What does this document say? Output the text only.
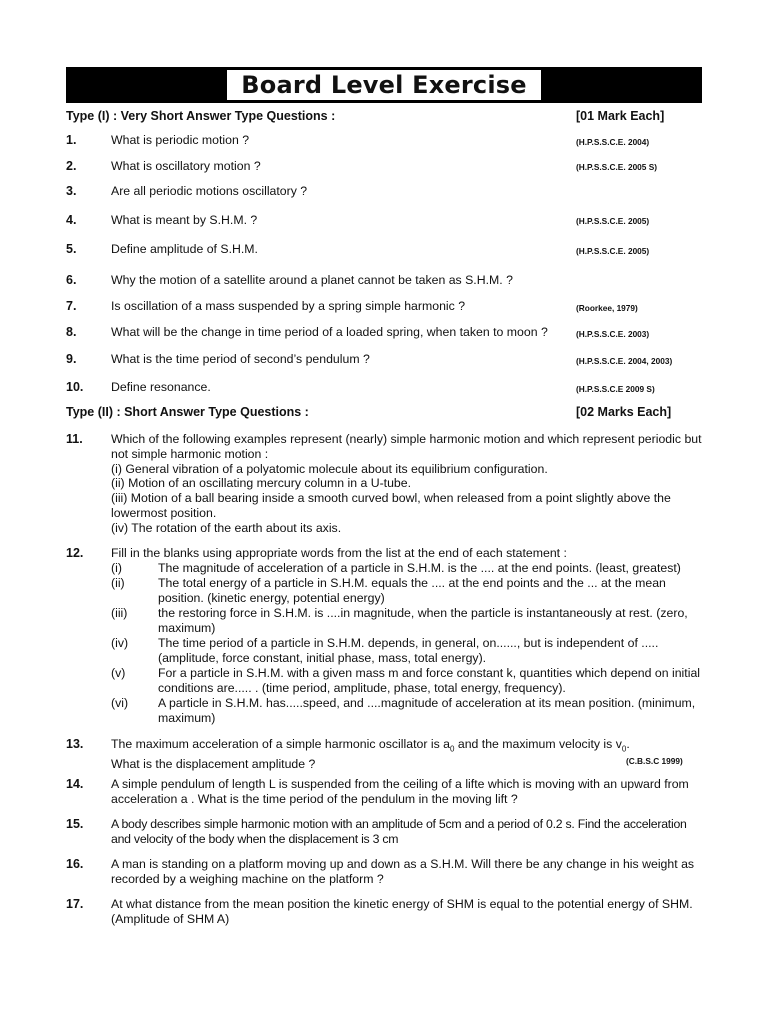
Board Level Exercise
Type (I) : Very Short Answer Type Questions :	[01 Mark Each]
1.	What is periodic motion ?	(H.P.S.S.C.E. 2004)
2.	What is oscillatory motion ?	(H.P.S.S.C.E. 2005 S)
3.	Are all periodic motions oscillatory ?
4.	What is meant by S.H.M. ?	(H.P.S.S.C.E. 2005)
5.	Define amplitude of S.H.M.	(H.P.S.S.C.E. 2005)
6.	Why the motion of a satellite around a planet cannot be taken as S.H.M. ?
7.	Is oscillation of a mass suspended by a spring simple harmonic ?	(Roorkee, 1979)
8.	What will be the change in time period of a loaded spring, when taken to moon ?	(H.P.S.S.C.E. 2003)
9.	What is the time period of second’s pendulum ?	(H.P.S.S.C.E. 2004, 2003)
10. Define resonance.	(H.P.S.S.C.E 2009 S)
Type (II) : Short Answer Type Questions :	[02 Marks Each]
11. Which of the following examples represent (nearly) simple harmonic motion and which represent periodic but not simple harmonic motion :

(i) General vibration of a polyatomic molecule about its equilibrium configuration.

(ii) Motion of an oscillating mercury column in a U-tube.

(iii) Motion of a ball bearing inside a smooth curved bowl, when released from a point slightly above the lowermost position.

(iv) The rotation of the earth about its axis.

12. Fill in the blanks using appropriate words from the list at the end of each statement :
(i)	The magnitude of acceleration of a particle in S.H.M. is the .... at the end points. (least, greatest)
(ii)	The total energy of a particle in S.H.M. equals the .... at the end points and the ... at the mean position. (kinetic energy, potential energy)
(iii) the restoring force in S.H.M. is ....in magnitude, when the particle is instantaneously at rest. (zero, maximum)
(iv) The time period of a particle in S.H.M. depends, in general, on......, but is independent of .....(amplitude, force constant, initial phase, mass, total energy).
(v)	For a particle in S.H.M. with a given mass m and force constant k, quantities which depend on initial conditions are..... . (time period, amplitude, phase, total energy, frequency).
(vi) A particle in S.H.M. has.....speed, and ....magnitude of acceleration at its mean position. (minimum, maximum)
13. The maximum acceleration of a simple harmonic oscillator is $a_0$ and the maximum velocity is $v_0$.

What is the displacement amplitude ?	(C.B.S.C 1999)
14. A simple pendulum of length L is suspended from the ceiling of a lifte which is moving with an upward from acceleration a . What is the time period of the pendulum in the moving lift ?
15. A body describes simple harmonic motion with an amplitude of 5cm and a period of 0.2 s. Find the acceleration and velocity of the body when the displacement is 3 cm
16. A man is standing on a platform moving up and down as a S.H.M. Will there be any change in his weight as recorded by a weighing machine on the platform ?
17. At what distance from the mean position the kinetic energy of SHM is equal to the potential energy of SHM. (Amplitude of SHM A)
